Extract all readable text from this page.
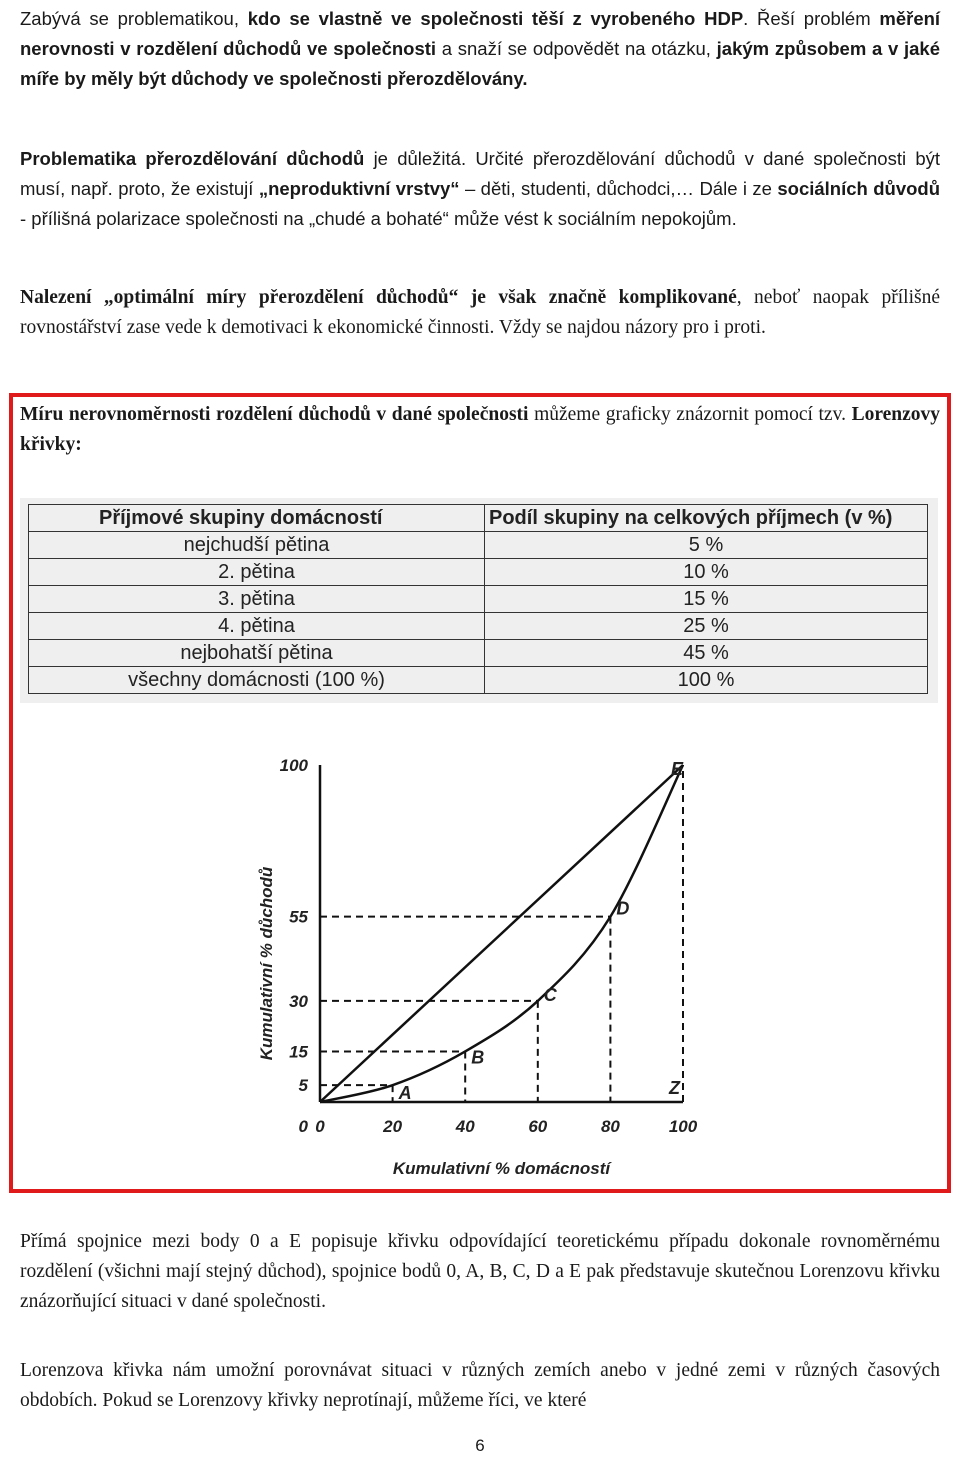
Zabývá se problematikou, kdo se vlastně ve společnosti těší z vyrobeného HDP. Řeší problém měření nerovnosti v rozdělení důchodů ve společnosti a snaží se odpovědět na otázku, jakým způsobem a v jaké míře by měly být důchody ve společnosti přerozdělovány.

Problematika přerozdělování důchodů je důležitá. Určité přerozdělování důchodů v dané společnosti být musí, např. proto, že existují „neproduktivní vrstvy“ – děti, studenti, důchodci,… Dále i ze sociálních důvodů - přílišná polarizace společnosti na „chudé a bohaté“ může vést k sociálním nepokojům.

Nalezení „optimální míry přerozdělení důchodů“ je však značně komplikované, neboť naopak přílišné rovnostářství zase vede k demotivaci k ekonomické činnosti. Vždy se najdou názory pro i proti.

Míru nerovnoměrnosti rozdělení důchodů v dané společnosti můžeme graficky znázornit pomocí tzv. Lorenzovy křivky:

Příjmové skupiny domácností	Podíl skupiny na celkových příjmech (v %)
nejchudší pětina	5 %
2. pětina	10 %
3. pětina	15 %
4. pětina	25 %
nejbohatší pětina	45 %
všechny domácnosti (100 %)	100 %
0	20	40	60	80	100
0
5
15
30
55
100
A
B
C
D
E
Z
Kumulativní % domácností
Kumulativní % důchodů

Přímá spojnice mezi body 0 a E popisuje křivku odpovídající teoretickému případu dokonale rovnoměrnému rozdělení (všichni mají stejný důchod), spojnice bodů 0, A, B, C, D a E pak představuje skutečnou Lorenzovu křivku znázorňující situaci v dané společnosti.

Lorenzova křivka nám umožní porovnávat situaci v různých zemích anebo v jedné zemi v různých časových obdobích. Pokud se Lorenzovy křivky neprotínají, můžeme říci, ve které

6
